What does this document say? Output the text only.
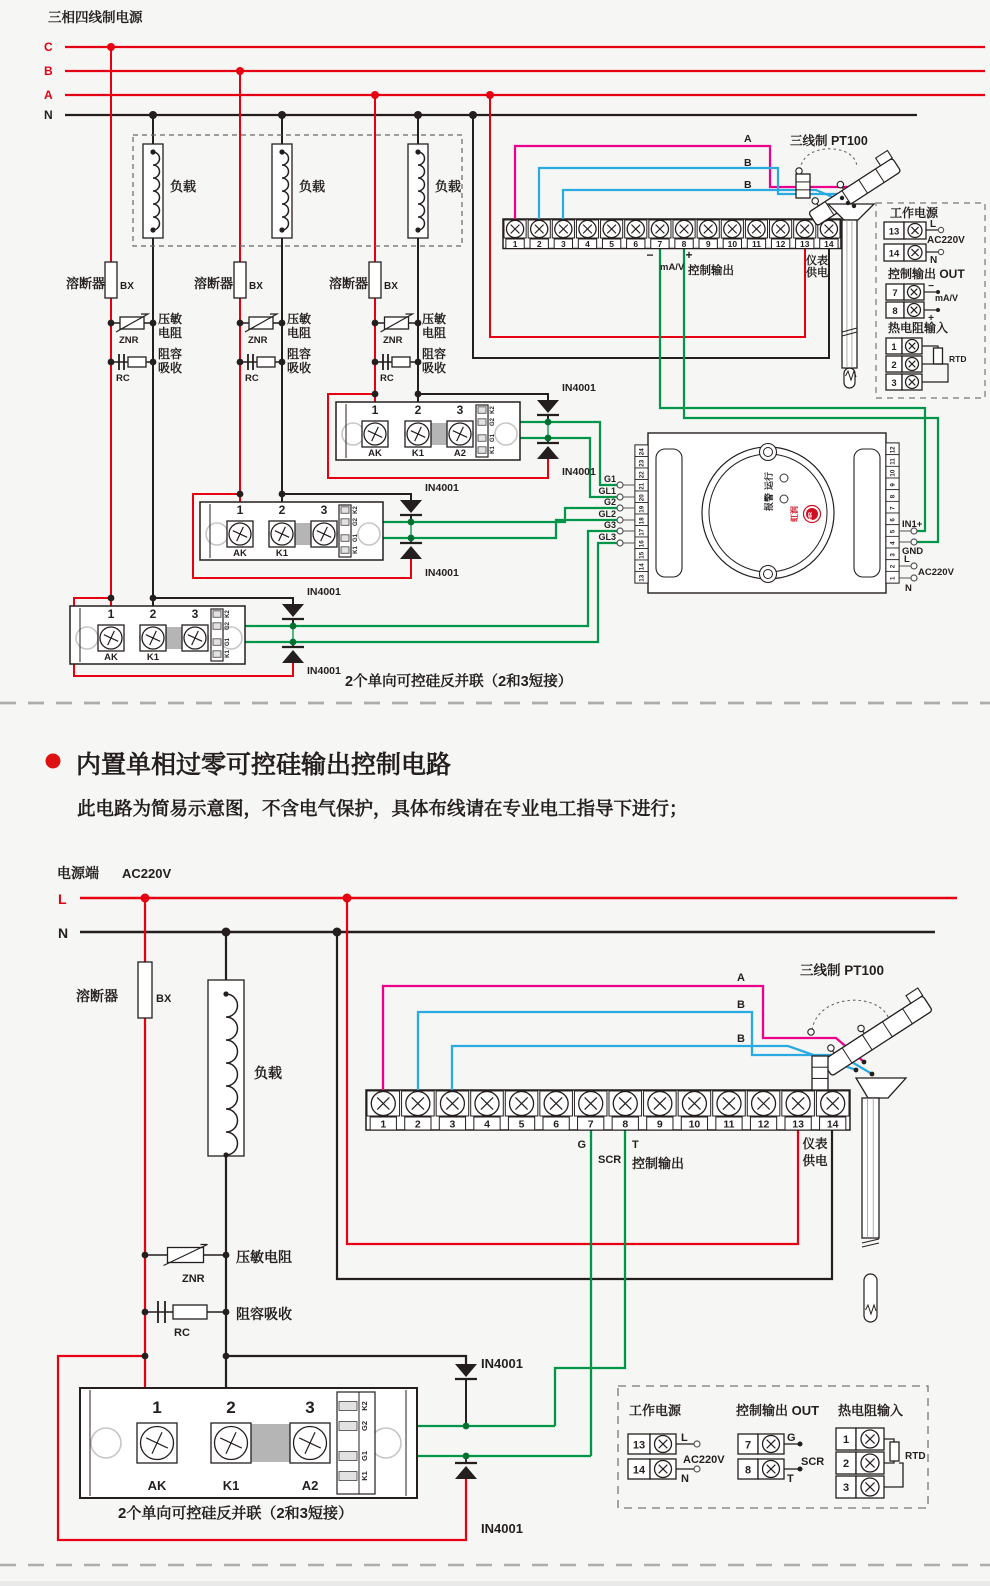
三相四线制电源
C
B
A
N
负载	负载	负载
溶断器 BX	溶断器 BX	溶断器 BX
压敏
电阻
阻容
吸收
压敏
电阻
阻容
吸收
压敏
电阻
阻容
吸收
ZNR	ZNR	ZNR
RC	RC	RC
1	2	3
AK	K1
K2
G2
G1
K1
IN4001
IN4001
1	2	3
AK	K1
K2
G2
G1
K1
IN4001
IN4001
1	2	3
AK	K1	A2
K2
G2
G1
K1
IN4001
IN4001
2个单向可控硅反并联（2和3短接）
1 2 3 4 5 6 7 8 9 10 11 12 13 14
−
mA/V
+
控制输出
仪表
供电
A
B
B
三线制 PT100
工作电源
13
14
L
N
AC220V
控制输出 OUT
7
8
−
+
mA/V
热电阻输入
1
2
3
RTD
24
23
22
21
20
19
18
17
16
15
14
13
12
11
10
9
8
7
6
5
4
3
2
1
运行
报警
虹润 HR
G1
GL1
G2
GL2
G3
GL3
IN1+
GND
L
AC220V
N
内置单相过零可控硅输出控制电路
此电路为简易示意图，不含电气保护，具体布线请在专业电工指导下进行；
电源端 AC220V
L
N
溶断器	BX
负载
压敏电阻
ZNR
阻容吸收
RC
IN4001
IN4001
1	2	3
AK	K1	A2
K2
G2
G1
K1
2个单向可控硅反并联（2和3短接）
1	2	3	4	5	6	7	8	9 10 11 12 13 14
G
SCR
T
控制输出
仪表
供电
A
B
B
三线制 PT100
工作电源
13
14
L
N
AC220V
控制输出 OUT
7
8
G
T
SCR
热电阻输入
1
2
3
RTD
